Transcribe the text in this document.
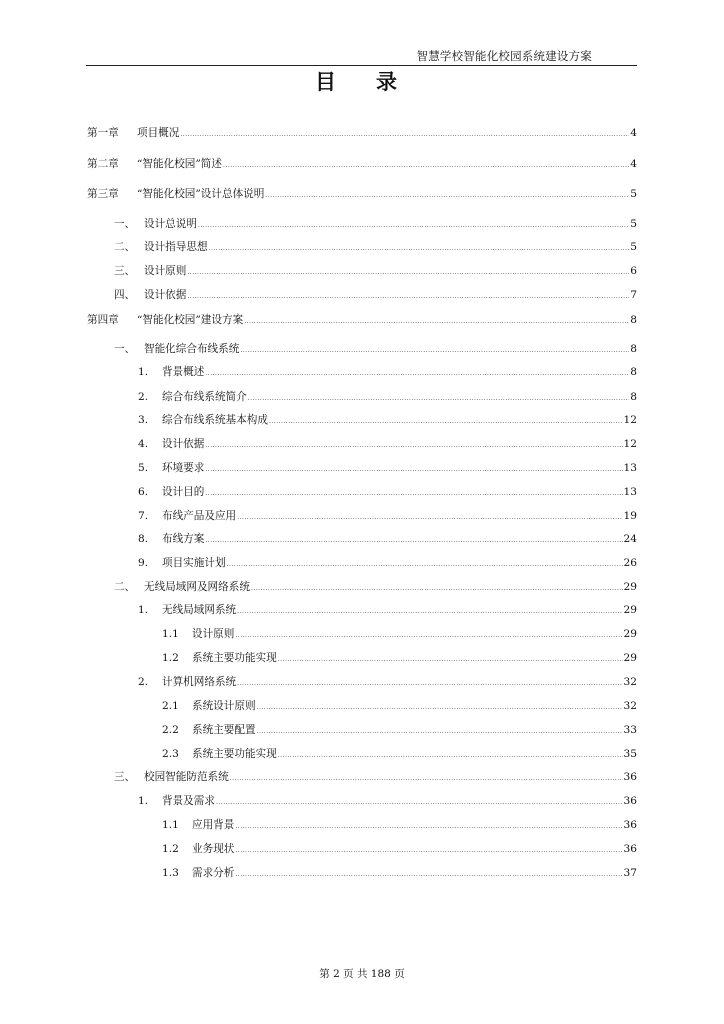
智慧学校智能化校园系统建设方案
目录
第一章	项目概况 .....	4
第二章	“智能化校园”简述 .....	4
第三章	“智能化校园”设计总体说明 .....	5
一、 设计总说明 .....	5
二、 设计指导思想 .....	5
三、 设计原则 .....	6
四、 设计依据 .....	7
第四章	“智能化校园”建设方案 .....	8
一、 智能化综合布线系统 .....	8
1.	背景概述 .....	8
2.	综合布线系统简介 .....	8
3.	综合布线系统基本构成 .....	12
4.	设计依据 .....	12
5.	环境要求 .....	13
6.	设计目的 .....	13
7.	布线产品及应用 .....	19
8.	布线方案 .....	24
9.	项目实施计划 .....	26
二、 无线局域网及网络系统 .....	29
1.	无线局域网系统 .....	29
1.1	设计原则 .....	29
1.2	系统主要功能实现 .....	29
2.	计算机网络系统 .....	32
2.1	系统设计原则 .....	32
2.2	系统主要配置 .....	33
2.3	系统主要功能实现 .....	35
三、 校园智能防范系统 .....	36
1.	背景及需求 .....	36
1.1	应用背景 .....	36
1.2	业务现状 .....	36
1.3	需求分析 .....	37
第 2 页 共 188 页
